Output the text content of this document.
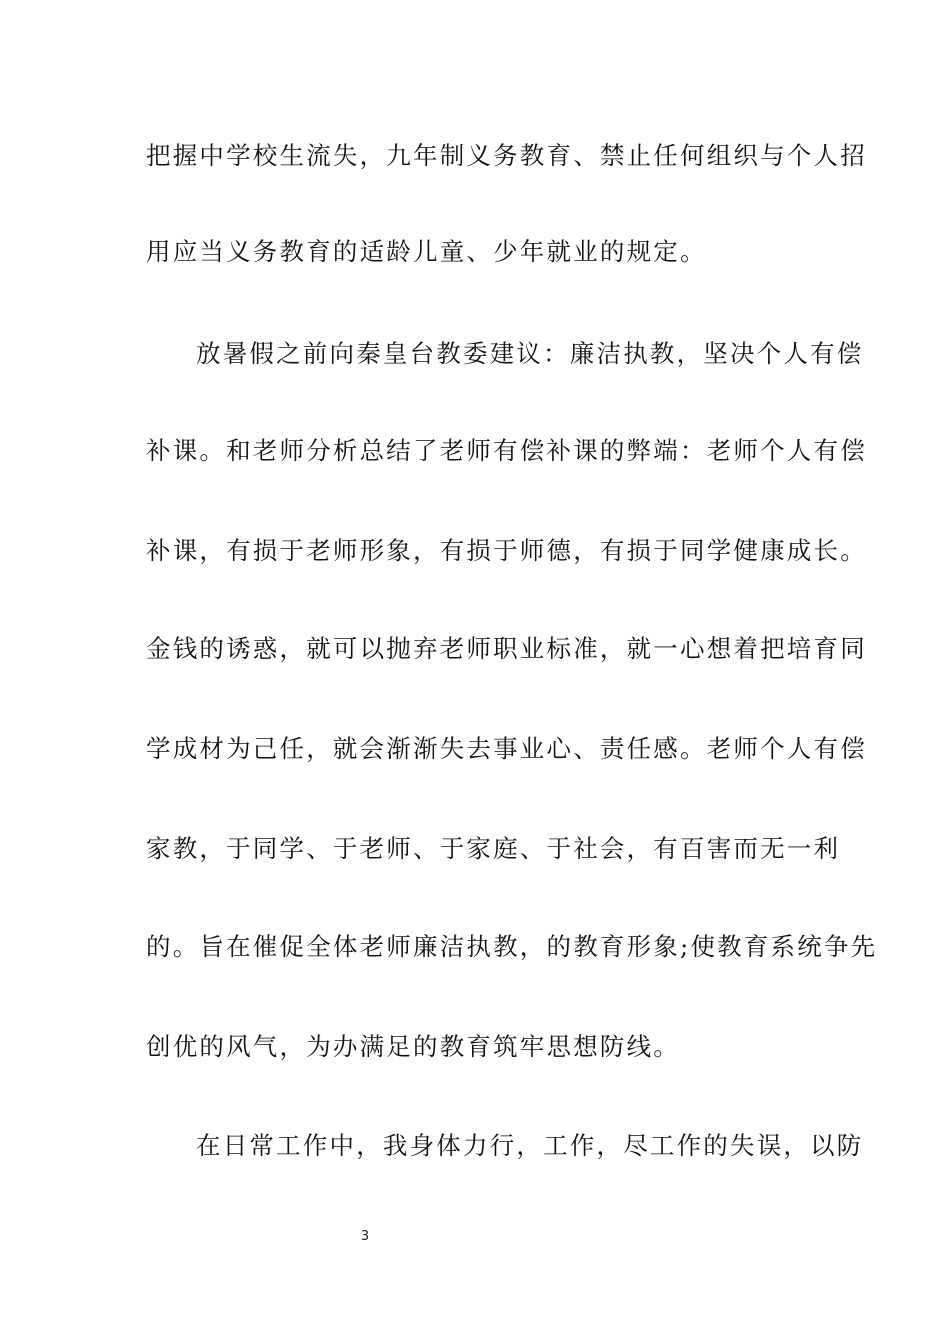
把握中学校生流失，九年制义务教育、禁止任何组织与个人招
用应当义务教育的适龄儿童、少年就业的规定。
放暑假之前向秦皇台教委建议：廉洁执教，坚决个人有偿
补课。和老师分析总结了老师有偿补课的弊端：老师个人有偿
补课，有损于老师形象，有损于师德，有损于同学健康成长。
金钱的诱惑，就可以抛弃老师职业标准，就一心想着把培育同
学成材为己任，就会渐渐失去事业心、责任感。老师个人有偿
家教，于同学、于老师、于家庭、于社会，有百害而无一利
的。旨在催促全体老师廉洁执教，的教育形象;使教育系统争先
创优的风气，为办满足的教育筑牢思想防线。
在日常工作中，我身体力行，工作，尽工作的失误，以防
3
